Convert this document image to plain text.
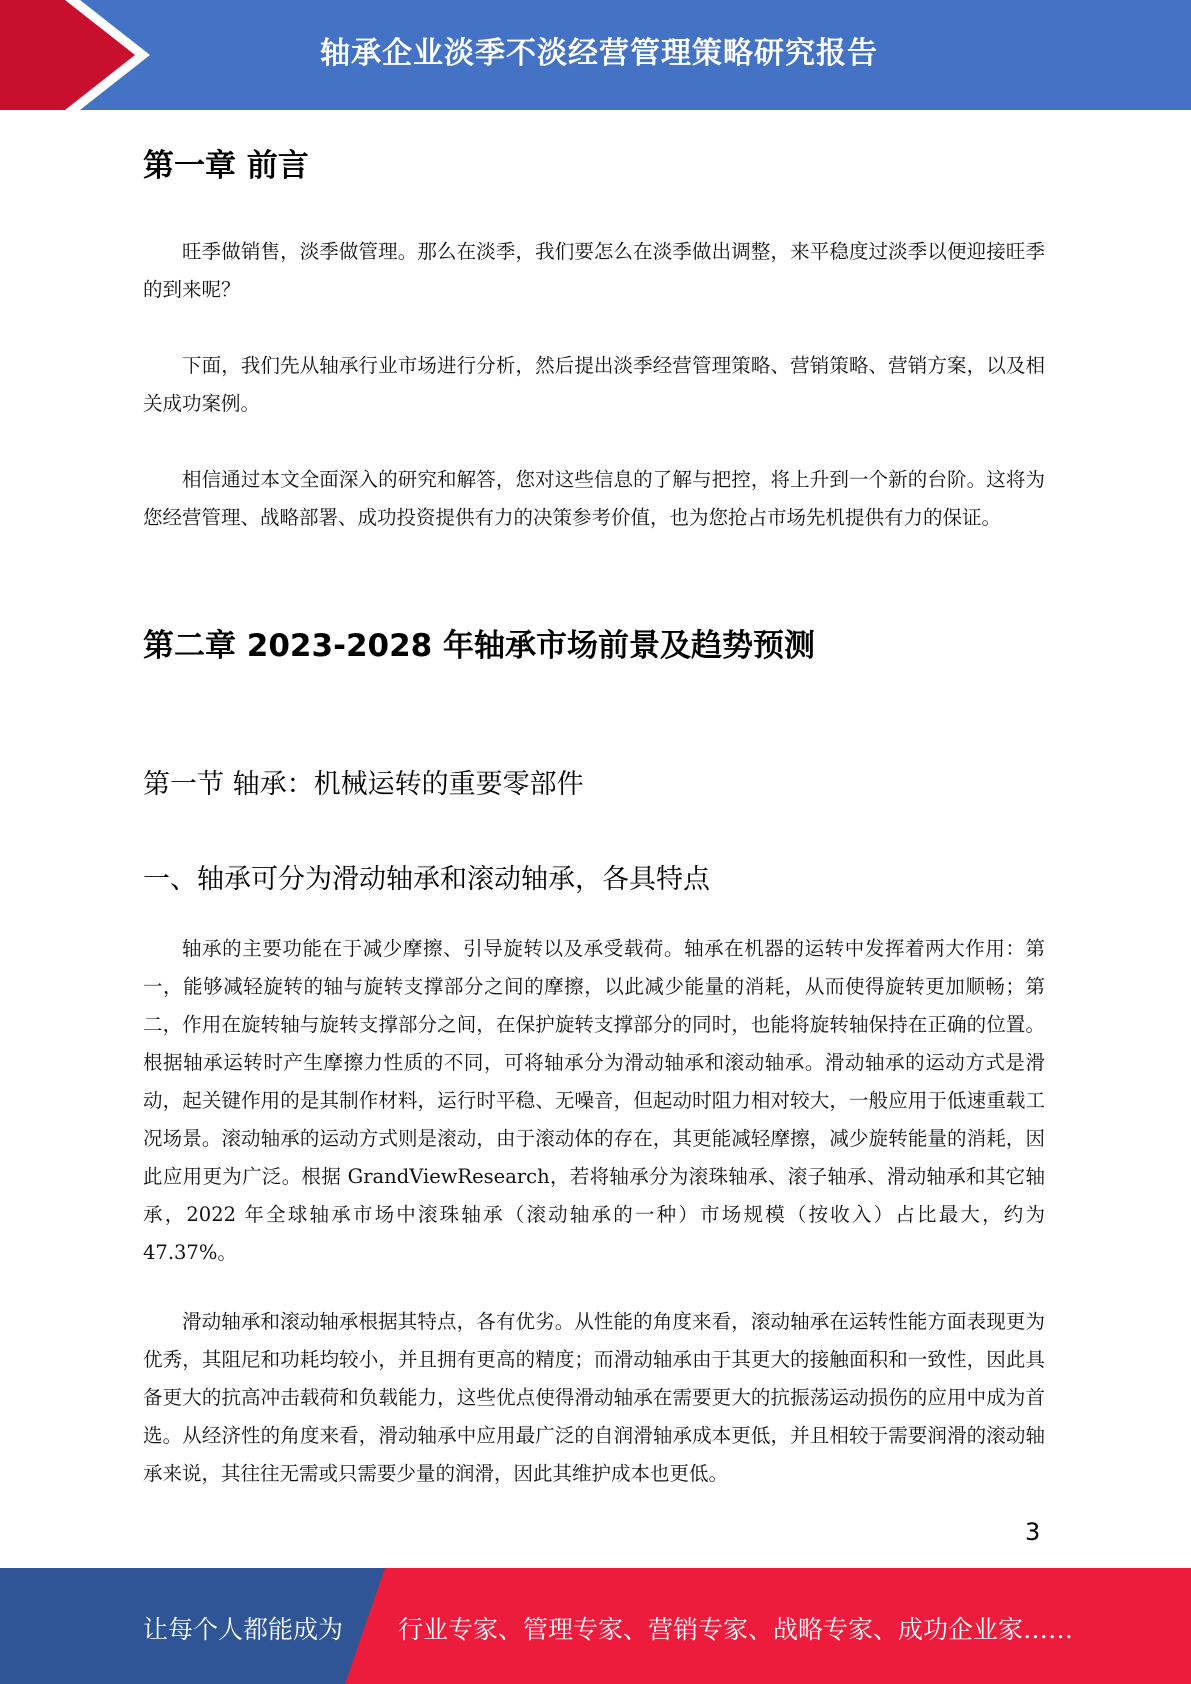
轴承企业淡季不淡经营管理策略研究报告
第一章 前言

旺季做销售，淡季做管理。那么在淡季，我们要怎么在淡季做出调整，来平稳度过淡季以便迎接旺季的到来呢？

下面，我们先从轴承行业市场进行分析，然后提出淡季经营管理策略、营销策略、营销方案，以及相关成功案例。

相信通过本文全面深入的研究和解答，您对这些信息的了解与把控，将上升到一个新的台阶。这将为您经营管理、战略部署、成功投资提供有力的决策参考价值，也为您抢占市场先机提供有力的保证。

第二章 2023-2028 年轴承市场前景及趋势预测
第一节 轴承：机械运转的重要零部件
一、轴承可分为滑动轴承和滚动轴承，各具特点

轴承的主要功能在于减少摩擦、引导旋转以及承受载荷。轴承在机器的运转中发挥着两大作用：第一，能够减轻旋转的轴与旋转支撑部分之间的摩擦，以此减少能量的消耗，从而使得旋转更加顺畅；第二，作用在旋转轴与旋转支撑部分之间，在保护旋转支撑部分的同时，也能将旋转轴保持在正确的位置。根据轴承运转时产生摩擦力性质的不同，可将轴承分为滑动轴承和滚动轴承。滑动轴承的运动方式是滑动，起关键作用的是其制作材料，运行时平稳、无噪音，但起动时阻力相对较大，一般应用于低速重载工况场景。滚动轴承的运动方式则是滚动，由于滚动体的存在，其更能减轻摩擦，减少旋转能量的消耗，因此应用更为广泛。根据 GrandViewResearch，若将轴承分为滚珠轴承、滚子轴承、滑动轴承和其它轴承，2022 年全球轴承市场中滚珠轴承（滚动轴承的一种）市场规模（按收入）占比最大，约为 47.37%。

滑动轴承和滚动轴承根据其特点，各有优劣。从性能的角度来看，滚动轴承在运转性能方面表现更为优秀，其阻尼和功耗均较小，并且拥有更高的精度；而滑动轴承由于其更大的接触面积和一致性，因此具备更大的抗高冲击载荷和负载能力，这些优点使得滑动轴承在需要更大的抗振荡运动损伤的应用中成为首选。从经济性的角度来看，滑动轴承中应用最广泛的自润滑轴承成本更低，并且相较于需要润滑的滚动轴承来说，其往往无需或只需要少量的润滑，因此其维护成本也更低。

3
让每个人都能成为 行业专家、管理专家、营销专家、战略专家、成功企业家……
